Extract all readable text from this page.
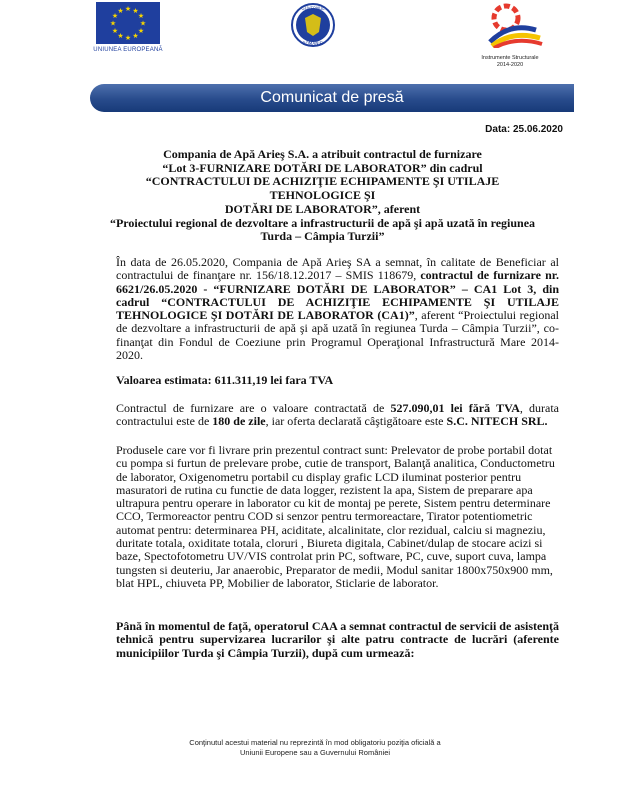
★ ★
★
★
★
★
★
★
★
★
★
★
UNIUNEA EUROPEANĂ
GUVERNUL
ROMÂNIEI
Instrumente Structurale
2014-2020
Comunicat de presă
Data: 25.06.2020
Compania de Apă Arieş S.A. a atribuit contractul de furnizare
“Lot 3-FURNIZARE DOTĂRI DE LABORATOR” din cadrul
“CONTRACTULUI DE ACHIZIŢIE ECHIPAMENTE ŞI UTILAJE TEHNOLOGICE ŞI
DOTĂRI DE LABORATOR”, aferent
“Proiectului regional de dezvoltare a infrastructurii de apă şi apă uzată în regiunea
Turda – Câmpia Turzii”
În data de 26.05.2020, Compania de Apă Arieş SA a semnat, în calitate de Beneficiar al contractului de finanţare nr. 156/18.12.2017 – SMIS 118679, contractul de furnizare nr. 6621/26.05.2020 - “FURNIZARE DOTĂRI DE LABORATOR” – CA1 Lot 3, din cadrul “CONTRACTULUI DE ACHIZIŢIE ECHIPAMENTE ŞI UTILAJE TEHNOLOGICE ŞI DOTĂRI DE LABORATOR (CA1)”, aferent “Proiectului regional de dezvoltare a infrastructurii de apă şi apă uzată în regiunea Turda – Câmpia Turzii”, co-finanţat din Fondul de Coeziune prin Programul Operaţional Infrastructură Mare 2014-2020.
Valoarea estimata: 611.311,19 lei fara TVA
Contractul de furnizare are o valoare contractată de 527.090,01 lei fără TVA, durata contractului este de 180 de zile, iar oferta declarată câştigătoare este S.C. NITECH SRL.
Produsele care vor fi livrare prin prezentul contract sunt: Prelevator de probe portabil dotat cu pompa si furtun de prelevare probe, cutie de transport, Balanţă analitica, Conductometru de laborator, Oxigenometru portabil cu display grafic LCD iluminat posterior pentru masuratori de rutina cu functie de data logger, rezistent la apa, Sistem de preparare apa ultrapura pentru operare in laborator cu kit de montaj pe perete, Sistem pentru determinare CCO, Termoreactor pentru COD si senzor pentru termoreactare, Tirator potentiometric automat pentru: determinarea PH, aciditate, alcalinitate, clor rezidual, calciu si magneziu, duritate totala, oxiditate totala, cloruri , Biureta digitala, Cabinet/dulap de stocare acizi si baze, Spectofotometru UV/VIS controlat prin PC, software, PC, cuve, suport cuva, lampa tungsten si deuteriu, Jar anaerobic, Preparator de medii, Modul sanitar 1800x750x900 mm, blat HPL, chiuveta PP, Mobilier de laborator, Sticlarie de laborator.
Până în momentul de faţă, operatorul CAA a semnat contractul de servicii de asistenţă tehnică pentru supervizarea lucrarilor şi alte patru contracte de lucrări (aferente municipiilor Turda şi Câmpia Turzii), după cum urmează:
Conţinutul acestui material nu reprezintă în mod obligatoriu poziţia oficială a
Uniunii Europene sau a Guvernului României
